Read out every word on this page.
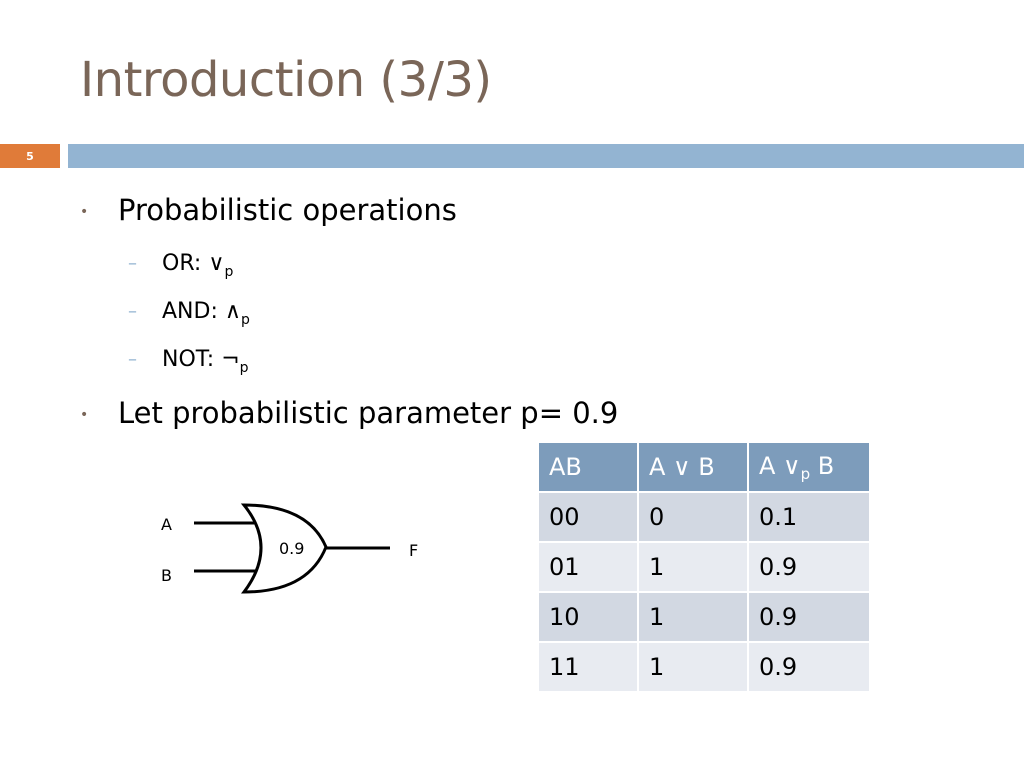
Introduction (3/3)
5
• Probabilistic operations
– OR: $\vee_p$
– AND: $\wedge_p$
– NOT: $\neg_p$
• Let probabilistic parameter p= 0.9
A
B
0.9	F
AB	A ∨ B	A $\vee_p$ B
00	0	0.1
01	1	0.9
10	1	0.9
11	1	0.9
